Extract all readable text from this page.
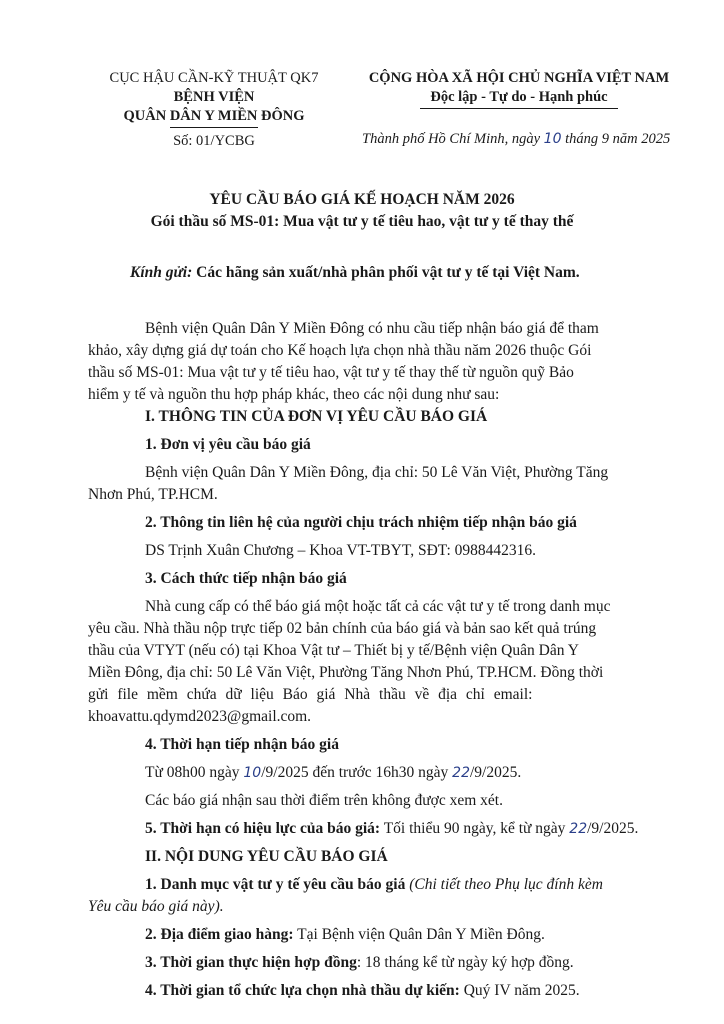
CỤC HẬU CẦN-KỸ THUẬT QK7
BỆNH VIỆN
QUÂN DÂN Y MIỀN ĐÔNG
Số: 01/YCBG
CỘNG HÒA XÃ HỘI CHỦ NGHĨA VIỆT NAM
Độc lập - Tự do - Hạnh phúc
Thành phố Hồ Chí Minh, ngày 10 tháng 9 năm 2025
YÊU CẦU BÁO GIÁ KẾ HOẠCH NĂM 2026
Gói thầu số MS-01: Mua vật tư y tế tiêu hao, vật tư y tế thay thế
Kính gửi: Các hãng sản xuất/nhà phân phối vật tư y tế tại Việt Nam.
Bệnh viện Quân Dân Y Miền Đông có nhu cầu tiếp nhận báo giá để tham
khảo, xây dựng giá dự toán cho Kế hoạch lựa chọn nhà thầu năm 2026 thuộc Gói
thầu số MS-01: Mua vật tư y tế tiêu hao, vật tư y tế thay thế từ nguồn quỹ Bảo
hiểm y tế và nguồn thu hợp pháp khác, theo các nội dung như sau:
I. THÔNG TIN CỦA ĐƠN VỊ YÊU CẦU BÁO GIÁ
1. Đơn vị yêu cầu báo giá
Bệnh viện Quân Dân Y Miền Đông, địa chỉ: 50 Lê Văn Việt, Phường Tăng
Nhơn Phú, TP.HCM.
2. Thông tin liên hệ của người chịu trách nhiệm tiếp nhận báo giá
DS Trịnh Xuân Chương – Khoa VT-TBYT, SĐT: 0988442316.
3. Cách thức tiếp nhận báo giá
Nhà cung cấp có thể báo giá một hoặc tất cả các vật tư y tế trong danh mục
yêu cầu. Nhà thầu nộp trực tiếp 02 bản chính của báo giá và bản sao kết quả trúng
thầu của VTYT (nếu có) tại Khoa Vật tư – Thiết bị y tế/Bệnh viện Quân Dân Y
Miền Đông, địa chỉ: 50 Lê Văn Việt, Phường Tăng Nhơn Phú, TP.HCM. Đồng thời
gửi file mềm chứa dữ liệu Báo giá Nhà thầu về địa chỉ email:
khoavattu.qdymd2023@gmail.com.
4. Thời hạn tiếp nhận báo giá
Từ 08h00 ngày 10/9/2025 đến trước 16h30 ngày 22/9/2025.
Các báo giá nhận sau thời điểm trên không được xem xét.
5. Thời hạn có hiệu lực của báo giá: Tối thiểu 90 ngày, kể từ ngày 22/9/2025.
II. NỘI DUNG YÊU CẦU BÁO GIÁ
1. Danh mục vật tư y tế yêu cầu báo giá (Chi tiết theo Phụ lục đính kèm
Yêu cầu báo giá này).
2. Địa điểm giao hàng: Tại Bệnh viện Quân Dân Y Miền Đông.
3. Thời gian thực hiện hợp đồng: 18 tháng kể từ ngày ký hợp đồng.
4. Thời gian tổ chức lựa chọn nhà thầu dự kiến: Quý IV năm 2025.
